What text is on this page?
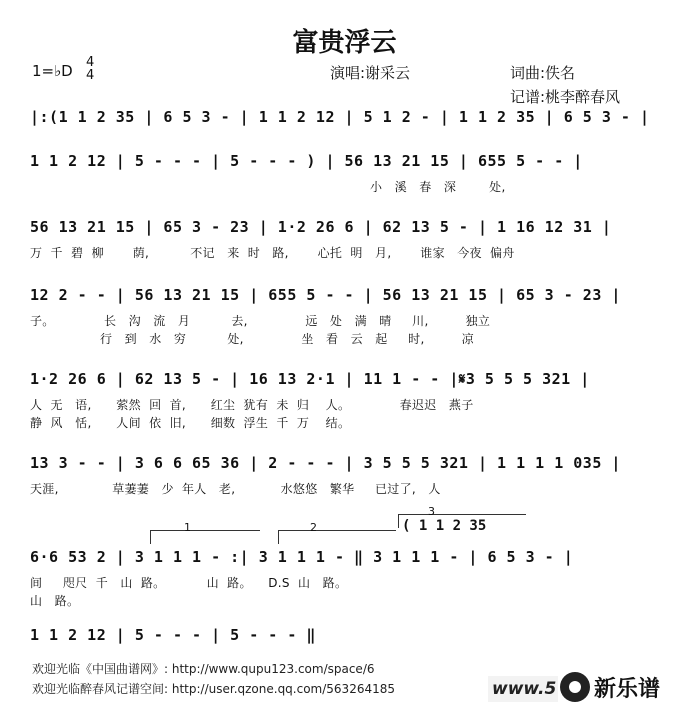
富贵浮云
1=♭D 4
4	演唱:谢采云	词曲:佚名
记谱:桃李醉春风
|:(1 1 2 35 | 6 5 3 - | 1 1 2 12 | 5 1 2 - | 1 1 2 35 | 6 5 3 - |
1 1 2 12 | 5 - - - | 5 - - - ) | 56 13 21 15 | 655 5 - - |
小   溪   春   深        处,
56 13 21 15 | 65 3 - 23 | 1·2 26 6 | 62 13 5 - | 1 16 12 31 |
万  千  碧  柳       荫,          不记   来  时   路,       心托  明   月,       谁家   今夜  偏舟
12 2 - - | 56 13 21 15 | 655 5 - - | 56 13 21 15 | 65 3 - 23 |
子。            长   沟   流   月          去,              远   处   满   晴     川,         独立
行   到   水   穷          处,              坐   看   云   起     时,         凉
1·2 26 6 | 62 13 5 - | 16 13 2·1 | 11 1 - - |𝄋3 5 5 5 321 |
人  无   语,      萦然  回  首,      红尘  犹有  未  归    人。            春迟迟   燕子
静  风   恬,      人间  依  旧,      细数  浮生  千  万    结。
13 3 - - | 3 6 6 65 36 | 2 - - - | 3 5 5 5 321 | 1 1 1 1 035 |
天涯,             草萋萋   少  年人   老,           水悠悠   繁华     已过了,   人
1	2
3
( 1 1 2 35
6·6 53 2 | 3 1 1 1 - :| 3 1 1 1 - ‖ 3 1 1 1 - | 6 5 3 - |
间     咫尺  千   山  路。          山  路。    D.S  山   路。
山   路。
1 1 2 12 | 5 - - - | 5 - - - ‖
欢迎光临《中国曲谱网》: http://www.qupu123.com/space/6
欢迎光临醉春风记谱空间: http://user.qzone.qq.com/563264185	www.5 新乐谱
